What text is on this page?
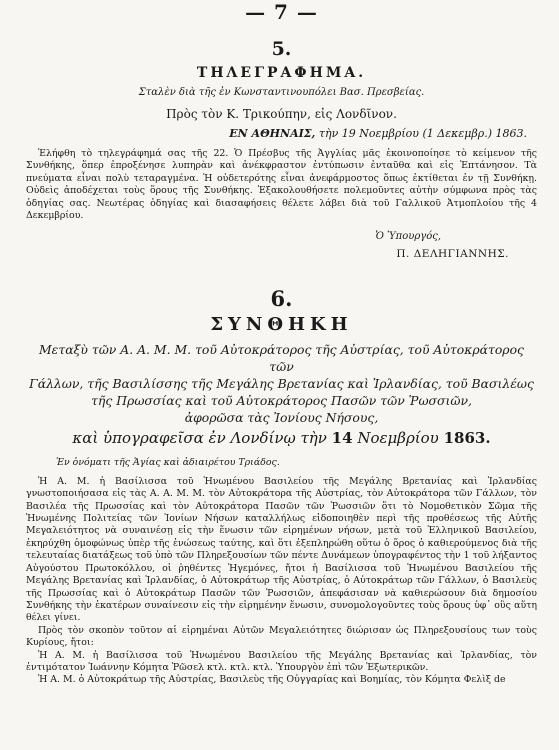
— 7 —
5.
ΤΗΛΕΓΡΑΦΗΜΑ.
Σταλὲν διὰ τῆς ἐν Κωνσταντινουπόλει Βασ. Πρεσβείας.
Πρὸς τὸν Κ. Τρικούπην, εἰς Λονδῖνον.
ΕΝ ΑΘΗΝΑΙΣ, τὴν 19 Νοεμβρίου (1 Δεκεμβρ.) 1863.

Ἐλήφθη τὸ τηλεγράφημά σας τῆς 22. Ὁ Πρέσβυς τῆς Ἀγγλίας μᾶς ἐκοινοποίησε τὸ κείμενον τῆς Συνθήκης, ὅπερ ἐπροξένησε λυπηρὰν καὶ ἀνέκφραστον ἐντύπωσιν ἐνταῦθα καὶ εἰς Ἑπτάνησον. Τὰ πνεύματα εἶναι πολὺ τεταραγμένα. Ἡ οὐδετερότης εἶναι ἀνεφάρμοστος ὅπως ἐκτίθεται ἐν τῇ Συνθήκῃ. Οὐδεὶς ἀποδέχεται τοὺς ὅρους τῆς Συνθήκης. Ἐξακολουθήσετε πολεμοῦντες αὐτὴν σύμφωνα πρὸς τὰς ὁδηγίας σας. Νεωτέρας ὁδηγίας καὶ διασαφήσεις θέλετε λάβει διὰ τοῦ Γαλλικοῦ Ἀτμοπλοίου τῆς 4 Δεκεμβρίου.

Ὁ Ὑπουργός,
Π. ΔΕΛΗΓΙΑΝΝΗΣ.
6.
ΣΥΝΘΗΚΗ
Μεταξὺ τῶν Α. Α. Μ. Μ. τοῦ Αὐτοκράτορος τῆς Αὐστρίας, τοῦ Αὐτοκράτορος τῶν
Γάλλων, τῆς Βασιλίσσης τῆς Μεγάλης Βρετανίας καὶ Ἰρλανδίας, τοῦ Βασιλέως
τῆς Πρωσσίας καὶ τοῦ Αὐτοκράτορος Πασῶν τῶν Ῥωσσιῶν,
ἀφορῶσα τὰς Ἰονίους Νήσους,
καὶ ὑπογραφεῖσα ἐν Λονδίνῳ τὴν 14 Νοεμβρίου 1863.

Ἐν ὀνόματι τῆς Ἁγίας καὶ ἀδιαιρέτου Τριάδος.

Ἡ Α. Μ. ἡ Βασίλισσα τοῦ Ἡνωμένου Βασιλείου τῆς Μεγάλης Βρετανίας καὶ Ἰρλανδίας γνωστοποιήσασα εἰς τὰς Α. Α. Μ. Μ. τὸν Αὐτοκράτορα τῆς Αὐστρίας, τὸν Αὐτοκράτορα τῶν Γάλλων, τὸν Βασιλέα τῆς Πρωσσίας καὶ τὸν Αὐτοκράτορα Πασῶν τῶν Ῥωσσιῶν ὅτι τὸ Νομοθετικὸν Σῶμα τῆς Ἡνωμένης Πολιτείας τῶν Ἰονίων Νήσων καταλλήλως εἰδοποιηθὲν περὶ τῆς προθέσεως τῆς Αὐτῆς Μεγαλειότητος νὰ συναινέσῃ εἰς τὴν ἕνωσιν τῶν εἰρημένων νήσων, μετὰ τοῦ Ἑλληνικοῦ Βασιλείου, ἐκηρύχθη ὁμοφώνως ὑπὲρ τῆς ἑνώσεως ταύτης, καὶ ὅτι ἐξεπληρώθη οὕτω ὁ ὅρος ὁ καθιερούμενος διὰ τῆς τελευταίας διατάξεως τοῦ ὑπὸ τῶν Πληρεξουσίων τῶν πέντε Δυνάμεων ὑπογραφέντος τὴν 1 τοῦ λήξαντος Αὐγούστου Πρωτοκόλλου, οἱ ῥηθέντες Ἡγεμόνες, ἤτοι ἡ Βασίλισσα τοῦ Ἡνωμένου Βασιλείου τῆς Μεγάλης Βρετανίας καὶ Ἰρλανδίας, ὁ Αὐτοκράτωρ τῆς Αὐστρίας, ὁ Αὐτοκράτωρ τῶν Γάλλων, ὁ Βασιλεὺς τῆς Πρωσσίας καὶ ὁ Αὐτοκράτωρ Πασῶν τῶν Ῥωσσιῶν, ἀπεφάσισαν νὰ καθιερώσουν διὰ δημοσίου Συνθήκης τὴν ἑκατέρων συναίνεσιν εἰς τὴν εἰρημένην ἕνωσιν, συνομολογοῦντες τοὺς ὅρους ὑφ᾽ οὓς αὕτη θέλει γίνει.

Πρὸς τὸν σκοπὸν τοῦτον αἱ εἰρημέναι Αὐτῶν Μεγαλειότητες διώρισαν ὡς Πληρεξουσίους των τοὺς Κυρίους, ἤτοι:

Ἡ Α. Μ. ἡ Βασίλισσα τοῦ Ἡνωμένου Βασιλείου τῆς Μεγάλης Βρετανίας καὶ Ἰρλανδίας, τὸν ἐντιμότατον Ἰωάννην Κόμητα Ῥῶσελ κτλ. κτλ. κτλ. Ὑπουργὸν ἐπὶ τῶν Ἐξωτερικῶν.

Ἡ Α. Μ. ὁ Αὐτοκράτωρ τῆς Αὐστρίας, Βασιλεὺς τῆς Οὐγγαρίας καὶ Βοημίας, τὸν Κόμητα Φελὶξ de
